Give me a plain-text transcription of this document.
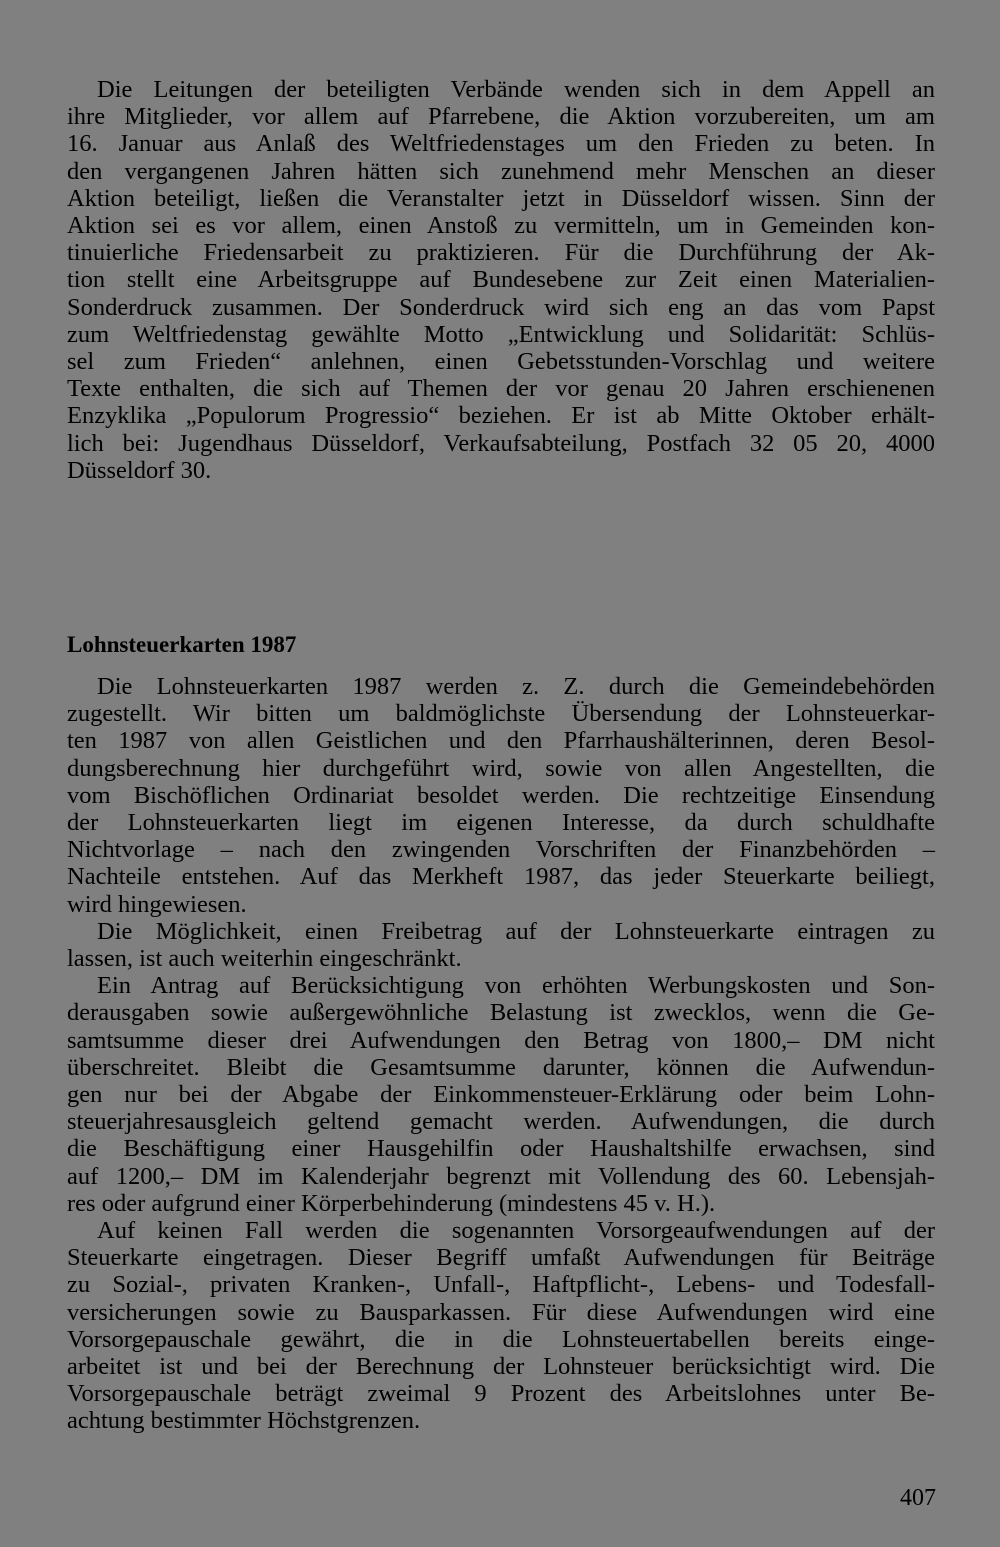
Die Leitungen der beteiligten Verbände wenden sich in dem Appell an
ihre Mitglieder, vor allem auf Pfarrebene, die Aktion vorzubereiten, um am
16. Januar aus Anlaß des Weltfriedenstages um den Frieden zu beten. In
den vergangenen Jahren hätten sich zunehmend mehr Menschen an dieser
Aktion beteiligt, ließen die Veranstalter jetzt in Düsseldorf wissen. Sinn der
Aktion sei es vor allem, einen Anstoß zu vermitteln, um in Gemeinden kon-
tinuierliche Friedensarbeit zu praktizieren. Für die Durchführung der Ak-
tion stellt eine Arbeitsgruppe auf Bundesebene zur Zeit einen Materialien-
Sonderdruck zusammen. Der Sonderdruck wird sich eng an das vom Papst
zum Weltfriedenstag gewählte Motto „Entwicklung und Solidarität: Schlüs-
sel zum Frieden“ anlehnen, einen Gebetsstunden-Vorschlag und weitere
Texte enthalten, die sich auf Themen der vor genau 20 Jahren erschienenen
Enzyklika „Populorum Progressio“ beziehen. Er ist ab Mitte Oktober erhält-
lich bei: Jugendhaus Düsseldorf, Verkaufsabteilung, Postfach 32 05 20, 4000
Düsseldorf 30.
Lohnsteuerkarten 1987
Die Lohnsteuerkarten 1987 werden z. Z. durch die Gemeindebehörden
zugestellt. Wir bitten um baldmöglichste Übersendung der Lohnsteuerkar-
ten 1987 von allen Geistlichen und den Pfarrhaushälterinnen, deren Besol-
dungsberechnung hier durchgeführt wird, sowie von allen Angestellten, die
vom Bischöflichen Ordinariat besoldet werden. Die rechtzeitige Einsendung
der Lohnsteuerkarten liegt im eigenen Interesse, da durch schuldhafte
Nichtvorlage – nach den zwingenden Vorschriften der Finanzbehörden –
Nachteile entstehen. Auf das Merkheft 1987, das jeder Steuerkarte beiliegt,
wird hingewiesen.
Die Möglichkeit, einen Freibetrag auf der Lohnsteuerkarte eintragen zu
lassen, ist auch weiterhin eingeschränkt.
Ein Antrag auf Berücksichtigung von erhöhten Werbungskosten und Son-
derausgaben sowie außergewöhnliche Belastung ist zwecklos, wenn die Ge-
samtsumme dieser drei Aufwendungen den Betrag von 1800,– DM nicht
überschreitet. Bleibt die Gesamtsumme darunter, können die Aufwendun-
gen nur bei der Abgabe der Einkommensteuer-Erklärung oder beim Lohn-
steuerjahresausgleich geltend gemacht werden. Aufwendungen, die durch
die Beschäftigung einer Hausgehilfin oder Haushaltshilfe erwachsen, sind
auf 1200,– DM im Kalenderjahr begrenzt mit Vollendung des 60. Lebensjah-
res oder aufgrund einer Körperbehinderung (mindestens 45 v. H.).
Auf keinen Fall werden die sogenannten Vorsorgeaufwendungen auf der
Steuerkarte eingetragen. Dieser Begriff umfaßt Aufwendungen für Beiträge
zu Sozial-, privaten Kranken-, Unfall-, Haftpflicht-, Lebens- und Todesfall-
versicherungen sowie zu Bausparkassen. Für diese Aufwendungen wird eine
Vorsorgepauschale gewährt, die in die Lohnsteuertabellen bereits einge-
arbeitet ist und bei der Berechnung der Lohnsteuer berücksichtigt wird. Die
Vorsorgepauschale beträgt zweimal 9 Prozent des Arbeitslohnes unter Be-
achtung bestimmter Höchstgrenzen.
407
